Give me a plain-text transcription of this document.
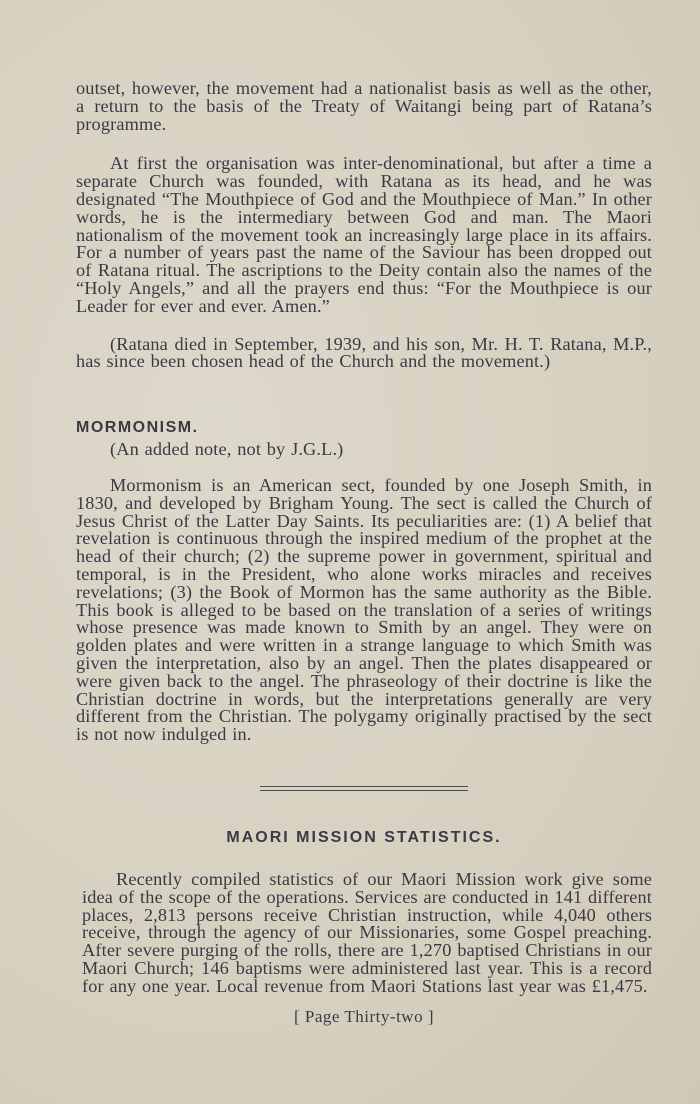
outset, however, the movement had a nationalist basis as well as the other, a return to the basis of the Treaty of Waitangi being part of Ratana’s programme.

At first the organisation was inter-denominational, but after a time a separate Church was founded, with Ratana as its head, and he was designated “The Mouthpiece of God and the Mouthpiece of Man.” In other words, he is the intermediary between God and man. The Maori nationalism of the movement took an increasingly large place in its affairs. For a number of years past the name of the Saviour has been dropped out of Ratana ritual. The ascriptions to the Deity contain also the names of the “Holy Angels,” and all the prayers end thus: “For the Mouthpiece is our Leader for ever and ever. Amen.”

(Ratana died in September, 1939, and his son, Mr. H. T. Ratana, M.P., has since been chosen head of the Church and the movement.)

MORMONISM.

(An added note, not by J.G.L.)

Mormonism is an American sect, founded by one Joseph Smith, in 1830, and developed by Brigham Young. The sect is called the Church of Jesus Christ of the Latter Day Saints. Its peculiarities are: (1) A belief that revelation is continuous through the inspired medium of the prophet at the head of their church; (2) the supreme power in government, spiritual and temporal, is in the President, who alone works miracles and receives revelations; (3) the Book of Mormon has the same authority as the Bible. This book is alleged to be based on the translation of a series of writings whose presence was made known to Smith by an angel. They were on golden plates and were written in a strange language to which Smith was given the interpretation, also by an angel. Then the plates disappeared or were given back to the angel. The phraseology of their doctrine is like the Christian doctrine in words, but the interpretations generally are very different from the Christian. The polygamy originally practised by the sect is not now indulged in.

MAORI MISSION STATISTICS.

Recently compiled statistics of our Maori Mission work give some idea of the scope of the operations. Services are conducted in 141 different places, 2,813 persons receive Christian instruction, while 4,040 others receive, through the agency of our Missionaries, some Gospel preaching. After severe purging of the rolls, there are 1,270 baptised Christians in our Maori Church; 146 baptisms were administered last year. This is a record for any one year. Local revenue from Maori Stations last year was £1,475.

[ Page Thirty-two ]
